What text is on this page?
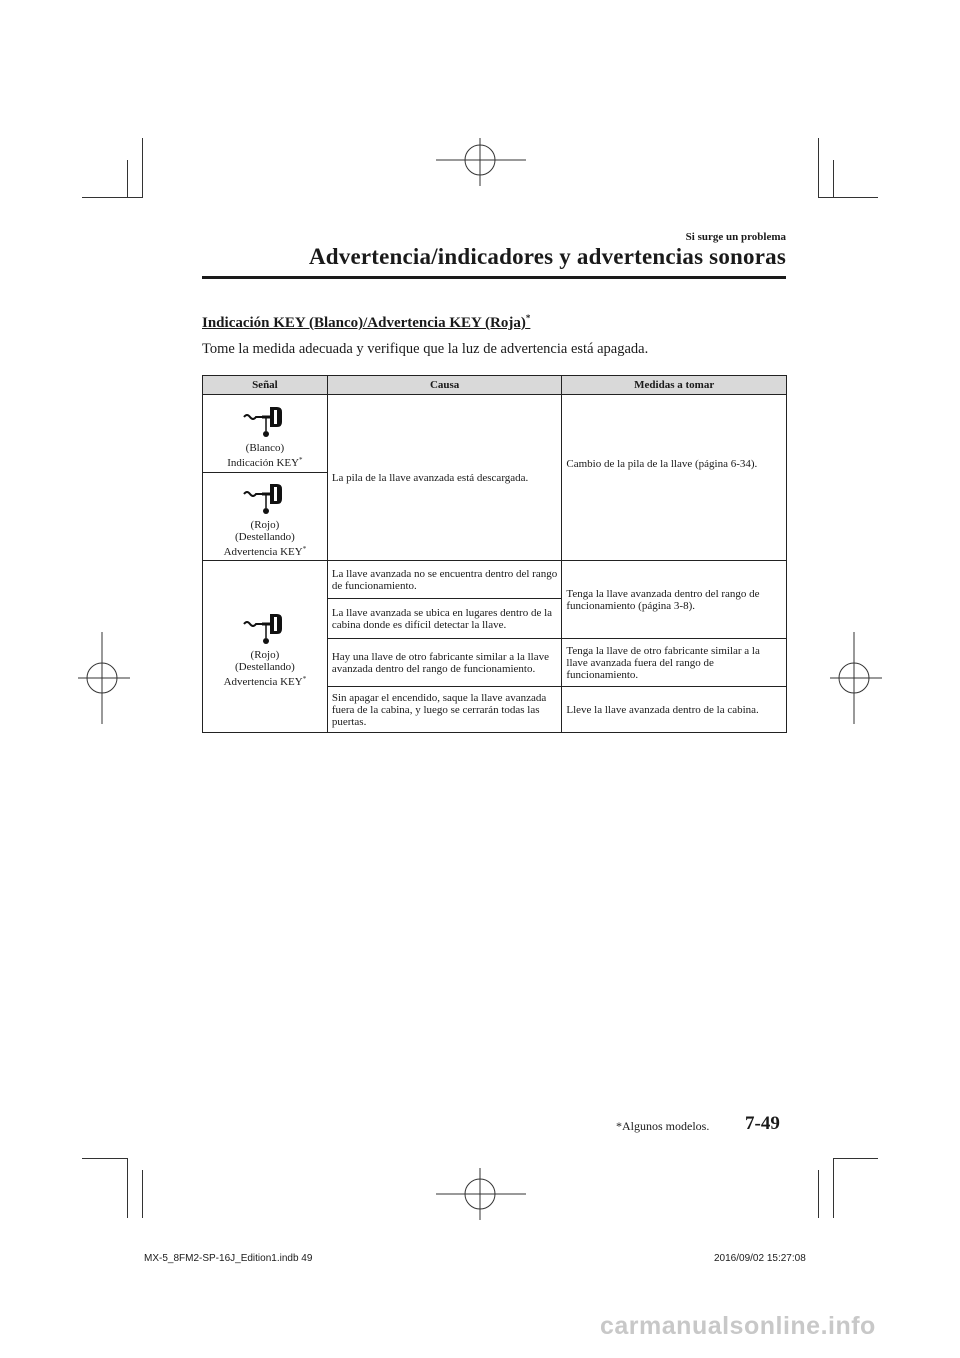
Si surge un problema
Advertencia/indicadores y advertencias sonoras
Indicación KEY (Blanco)/Advertencia KEY (Roja)*
Tome la medida adecuada y verifique que la luz de advertencia está apagada.
Señal	Causa	Medidas a tomar

(Blanco)
Indicación KEY*	La pila de la llave avanzada está descargada.	Cambio de la pila de la llave (página 6-34).

(Rojo)
(Destellando)
Advertencia KEY*

(Rojo)
(Destellando)
Advertencia KEY*	La llave avanzada no se encuentra dentro del rango de funcionamiento.	Tenga la llave avanzada dentro del rango de funcionamiento (página 3-8).
	La llave avanzada se ubica en lugares dentro de la cabina donde es difícil detectar la llave.	
	Hay una llave de otro fabricante similar a la llave avanzada dentro del rango de funcionamiento.	Tenga la llave de otro fabricante similar a la llave avanzada fuera del rango de funcionamiento.
	Sin apagar el encendido, saque la llave avanzada fuera de la cabina, y luego se cerrarán todas las puertas.	Lleve la llave avanzada dentro de la cabina.
*Algunos modelos. 7-49
MX-5_8FM2-SP-16J_Edition1.indb 49	2016/09/02 15:27:08
carmanualsonline.info
